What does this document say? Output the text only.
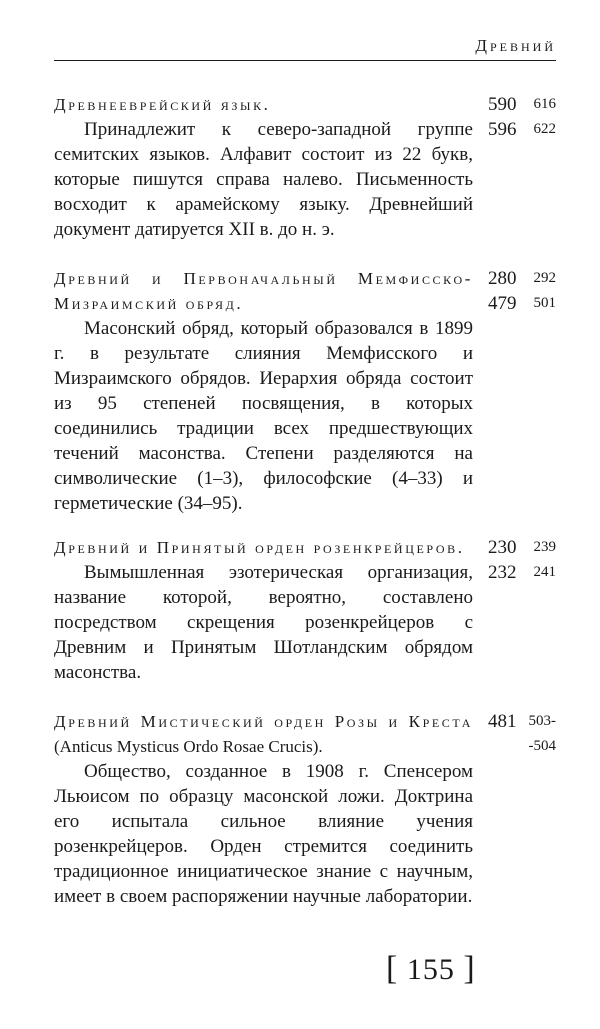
Древний
Древнееврейский язык.

Принадлежит к северо-западной группе семитских языков. Алфавит состоит из 22 букв, которые пишутся справа налево. Письменность восходит к арамейскому языку. Древнейший документ датируется XII в. до н. э.

590 616
596 622
Древний и Первоначальный Мемфисско-Мизраимский обряд.

Масонский обряд, который образовался в 1899 г. в результате слияния Мемфисского и Мизраимского обрядов. Иерархия обряда состоит из 95 степеней посвящения, в которых соединились традиции всех предшествующих течений масонства. Степени разделяются на символические (1–3), философские (4–33) и герметические (34–95).

280 292
479 501
Древний и Принятый орден розенкрейцеров.

Вымышленная эзотерическая организация, название которой, вероятно, составлено посредством скрещения розенкрейцеров с Древним и Принятым Шотландским обрядом масонства.

230 239
232 241
Древний Мистический орден Розы и Креста (Anticus Mysticus Ordo Rosae Crucis).

Общество, созданное в 1908 г. Спенсером Льюисом по образцу масонской ложи. Доктрина его испытала сильное влияние учения розенкрейцеров. Орден стремится соединить традиционное инициатическое знание с научным, имеет в своем распоряжении научные лаборатории.

481 503-
-504
[ 155 ]
